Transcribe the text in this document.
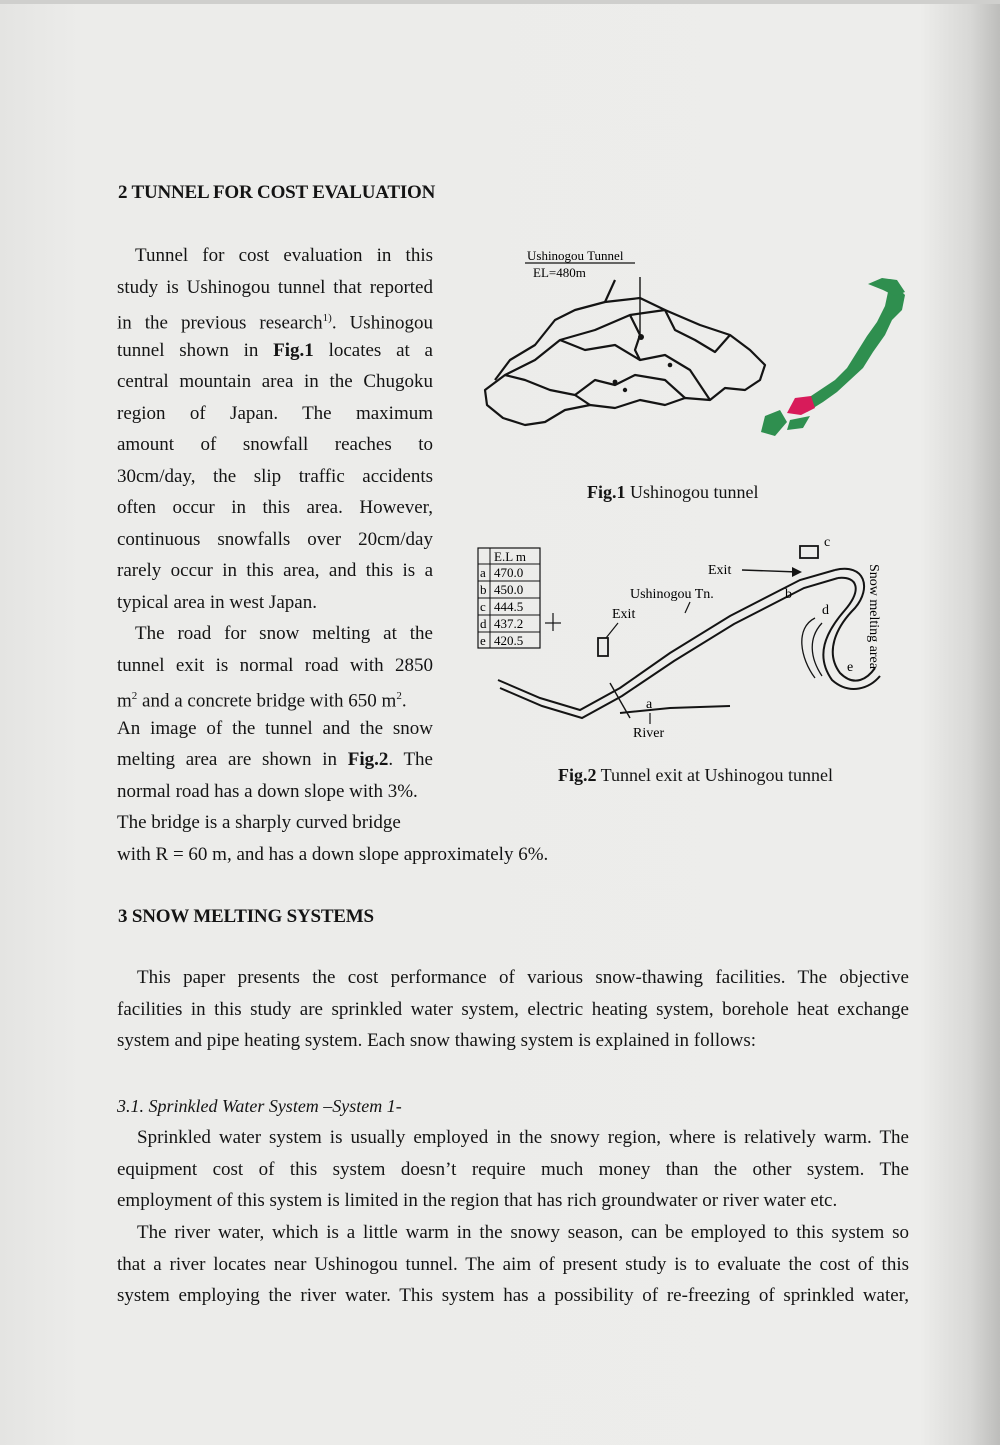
2 TUNNEL FOR COST EVALUATION
Tunnel for cost evaluation in this
study is Ushinogou tunnel that reported
in the previous research$^{1)}$. Ushinogou
tunnel shown in Fig.1 locates at a
central mountain area in the Chugoku
region of Japan. The maximum
amount of snowfall reaches to
30cm/day, the slip traffic accidents
often occur in this area. However,
continuous snowfalls over 20cm/day
rarely occur in this area, and this is a
typical area in west Japan.
The road for snow melting at the
tunnel exit is normal road with 2850
$m^2$ and a concrete bridge with 650 $m^2$.
An image of the tunnel and the snow
melting area are shown in Fig.2. The
normal road has a down slope with 3%.
The bridge is a sharply curved bridge
with R = 60 m, and has a down slope approximately 6%.
Ushinogou Tunnel
EL=480m
Fig.1 Ushinogou tunnel
E.L m
a 470.0
b 450.0
c 444.5
d 437.2
e 420.5
Exit
Ushinogou Tn.
Exit
River
a
b
c
d
e Snow melting area
Fig.2 Tunnel exit at Ushinogou tunnel
3 SNOW MELTING SYSTEMS
This paper presents the cost performance of various snow-thawing facilities. The objective
facilities in this study are sprinkled water system, electric heating system, borehole heat exchange
system and pipe heating system. Each snow thawing system is explained in follows:
3.1. Sprinkled Water System –System 1-
Sprinkled water system is usually employed in the snowy region, where is relatively warm. The
equipment cost of this system doesn’t require much money than the other system. The
employment of this system is limited in the region that has rich groundwater or river water etc.
The river water, which is a little warm in the snowy season, can be employed to this system so
that a river locates near Ushinogou tunnel. The aim of present study is to evaluate the cost of this
system employing the river water. This system has a possibility of re-freezing of sprinkled water,
